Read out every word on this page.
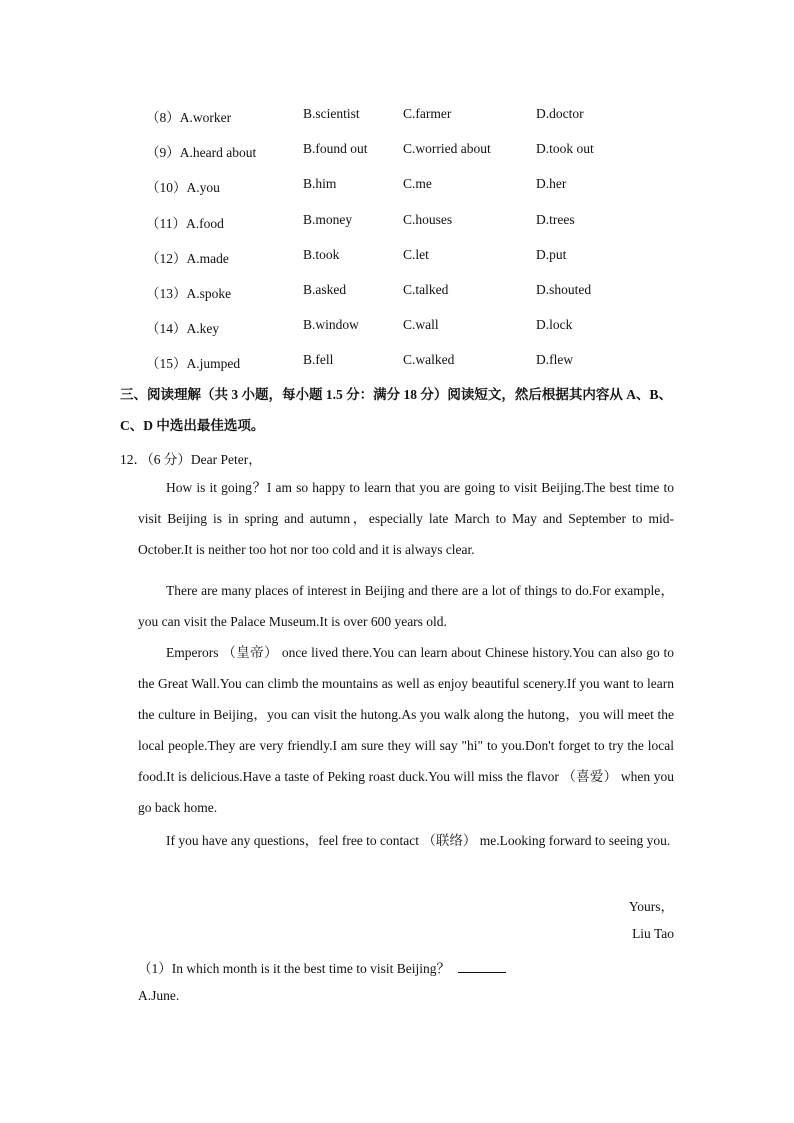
（8）A.worker	B.scientist	C.farmer	D.doctor
（9）A.heard about	B.found out	C.worried about	D.took out
（10）A.you	B.him	C.me	D.her
（11）A.food	B.money	C.houses	D.trees
（12）A.made	B.took	C.let	D.put
（13）A.spoke	B.asked	C.talked	D.shouted
（14）A.key	B.window	C.wall	D.lock
（15）A.jumped	B.fell	C.walked	D.flew
三、阅读理解（共 3 小题，每小题 1.5 分：满分 18 分）阅读短文，然后根据其内容从 A、B、C、D 中选出最佳选项。
12．（6 分）Dear Peter，
How is it going？I am so happy to learn that you are going to visit Beijing.The best time to visit Beijing is in spring and autumn，especially late March to May and September to mid-October.It is neither too hot nor too cold and it is always clear.
There are many places of interest in Beijing and there are a lot of things to do.For example，you can visit the Palace Museum.It is over 600 years old.
Emperors （皇帝） once lived there.You can learn about Chinese history.You can also go to the Great Wall.You can climb the mountains as well as enjoy beautiful scenery.If you want to learn the culture in Beijing，you can visit the hutong.As you walk along the hutong，you will meet the local people.They are very friendly.I am sure they will say "hi" to you.Don't forget to try the local food.It is delicious.Have a taste of Peking roast duck.You will miss the flavor （喜爱） when you go back home.
If you have any questions，feel free to contact （联络） me.Looking forward to seeing you.
Yours，
Liu Tao
（1）In which month is it the best time to visit Beijing？
A.June.
